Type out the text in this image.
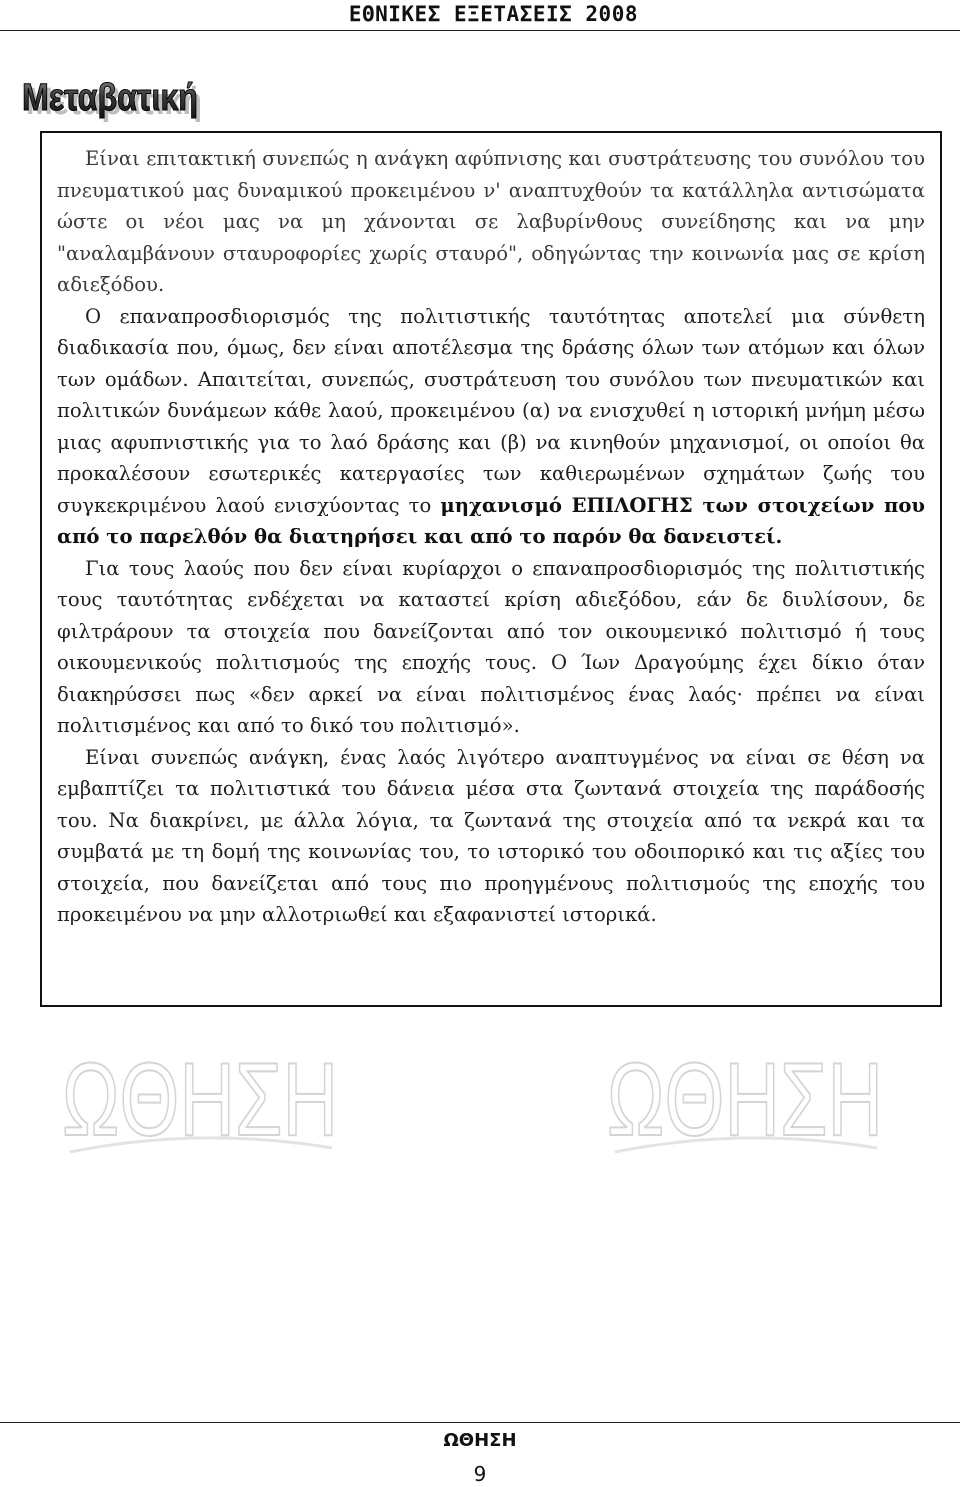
ΕΘΝΙΚΕΣ ΕΞΕΤΑΣΕΙΣ 2008
Μεταβατική
Μεταβατική

Είναι επιτακτική συνεπώς η ανάγκη αφύπνισης και συστράτευσης του συνόλου του πνευματικού μας δυναμικού προκειμένου ν' αναπτυχθούν τα κατάλληλα αντισώματα ώστε οι νέοι μας να μη χάνονται σε λαβυρίνθους συνείδησης και να μην "αναλαμβάνουν σταυροφορίες χωρίς σταυρό", οδηγώντας την κοινωνία μας σε κρίση αδιεξόδου.

Ο επαναπροσδιορισμός της πολιτιστικής ταυτότητας αποτελεί μια σύνθετη διαδικασία που, όμως, δεν είναι αποτέλεσμα της δράσης όλων των ατόμων και όλων των ομάδων. Απαιτείται, συνεπώς, συστράτευση του συνόλου των πνευματικών και πολιτικών δυνάμεων κάθε λαού, προκειμένου (α) να ενισχυθεί η ιστορική μνήμη μέσω μιας αφυπνιστικής για το λαό δράσης και (β) να κινηθούν μηχανισμοί, οι οποίοι θα προκαλέσουν εσωτερικές κατεργασίες των καθιερωμένων σχημάτων ζωής του συγκεκριμένου λαού ενισχύοντας το μηχανισμό ΕΠΙΛΟΓΗΣ των στοιχείων που από το παρελθόν θα διατηρήσει και από το παρόν θα δανειστεί.

Για τους λαούς που δεν είναι κυρίαρχοι ο επαναπροσδιορισμός της πολιτιστικής τους ταυτότητας ενδέχεται να καταστεί κρίση αδιεξόδου, εάν δε διυλίσουν, δε φιλτράρουν τα στοιχεία που δανείζονται από τον οικουμενικό πολιτισμό ή τους οικουμενικούς πολιτισμούς της εποχής τους. Ο Ίων Δραγούμης έχει δίκιο όταν διακηρύσσει πως «δεν αρκεί να είναι πολιτισμένος ένας λαός· πρέπει να είναι πολιτισμένος και από το δικό του πολιτισμό».

Είναι συνεπώς ανάγκη, ένας λαός λιγότερο αναπτυγμένος να είναι σε θέση να εμβαπτίζει τα πολιτιστικά του δάνεια μέσα στα ζωντανά στοιχεία της παράδοσής του. Να διακρίνει, με άλλα λόγια, τα ζωντανά της στοιχεία από τα νεκρά και τα συμβατά με τη δομή της κοινωνίας του, το ιστορικό του οδοιπορικό και τις αξίες του στοιχεία, που δανείζεται από τους πιο προηγμένους πολιτισμούς της εποχής του προκειμένου να μην αλλοτριωθεί και εξαφανιστεί ιστορικά.

ΩΘΗΣΗ	ΩΘΗΣΗ
ΩΘΗΣΗ
9
